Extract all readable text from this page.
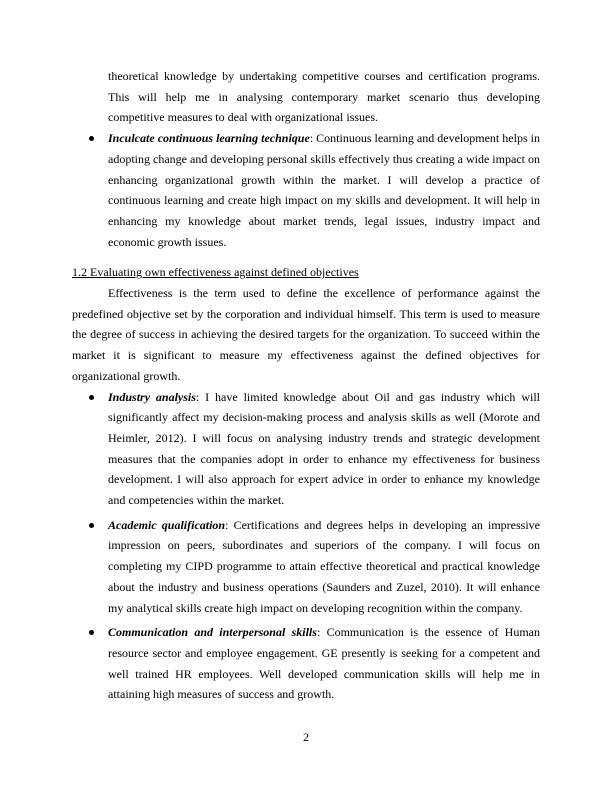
theoretical knowledge by undertaking competitive courses and certification programs. This will help me in analysing contemporary market scenario thus developing competitive measures to deal with organizational issues.
Inculcate continuous learning technique: Continuous learning and development helps in adopting change and developing personal skills effectively thus creating a wide impact on enhancing organizational growth within the market. I will develop a practice of continuous learning and create high impact on my skills and development. It will help in enhancing my knowledge about market trends, legal issues, industry impact and economic growth issues.
1.2 Evaluating own effectiveness against defined objectives
Effectiveness is the term used to define the excellence of performance against the predefined objective set by the corporation and individual himself. This term is used to measure the degree of success in achieving the desired targets for the organization. To succeed within the market it is significant to measure my effectiveness against the defined objectives for organizational growth.
Industry analysis: I have limited knowledge about Oil and gas industry which will significantly affect my decision-making process and analysis skills as well (Morote and Heimler, 2012). I will focus on analysing industry trends and strategic development measures that the companies adopt in order to enhance my effectiveness for business development. I will also approach for expert advice in order to enhance my knowledge and competencies within the market.
Academic qualification: Certifications and degrees helps in developing an impressive impression on peers, subordinates and superiors of the company. I will focus on completing my CIPD programme to attain effective theoretical and practical knowledge about the industry and business operations (Saunders and Zuzel, 2010). It will enhance my analytical skills create high impact on developing recognition within the company.
Communication and interpersonal skills: Communication is the essence of Human resource sector and employee engagement. GE presently is seeking for a competent and well trained HR employees. Well developed communication skills will help me in attaining high measures of success and growth.
2
